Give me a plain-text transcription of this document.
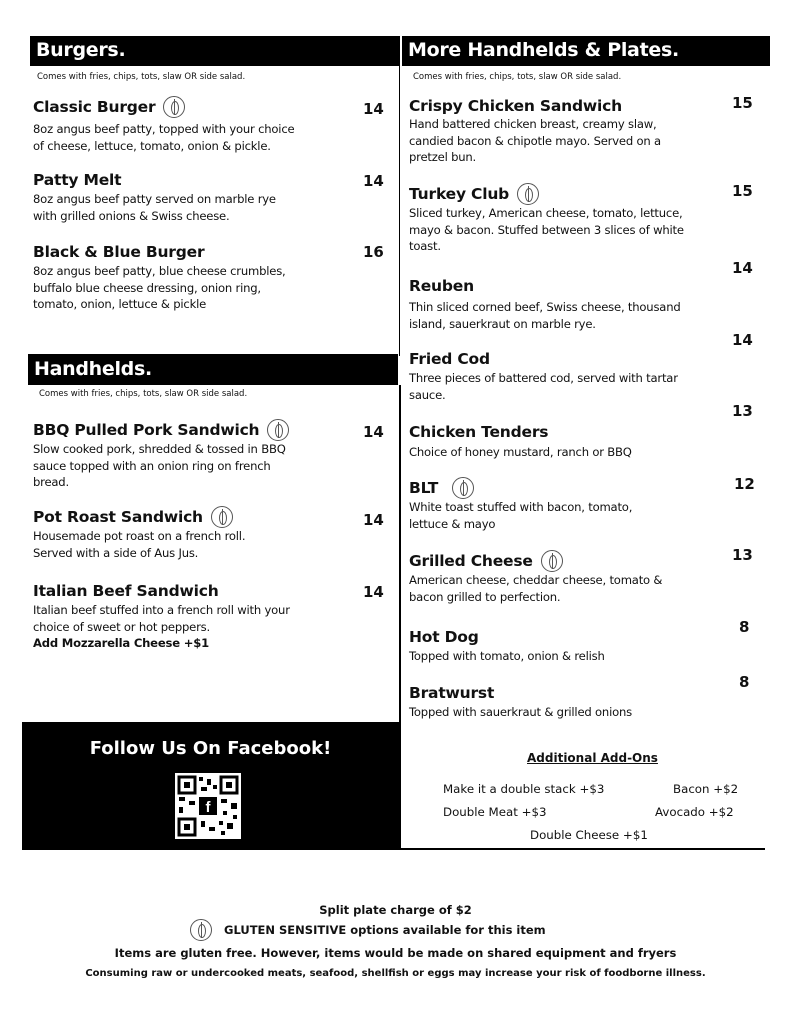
Burgers.
Comes with fries, chips, tots, slaw OR side salad.
More Handhelds & Plates.
Comes with fries, chips, tots, slaw OR side salad.
Classic Burger
8oz angus beef patty, topped with your choice
of cheese, lettuce, tomato, onion & pickle.
14
Patty Melt
8oz angus beef patty served on marble rye
with grilled onions & Swiss cheese.
14
Black & Blue Burger
8oz angus beef patty, blue cheese crumbles,
buffalo blue cheese dressing, onion ring,
tomato, onion, lettuce & pickle
16
Handhelds.
Comes with fries, chips, tots, slaw OR side salad.
BBQ Pulled Pork Sandwich
Slow cooked pork, shredded & tossed in BBQ
sauce topped with an onion ring on french
bread.
14
Pot Roast Sandwich
Housemade pot roast on a french roll.
Served with a side of Aus Jus.
14
Italian Beef Sandwich
Italian beef stuffed into a french roll with your
choice of sweet or hot peppers.
Add Mozzarella Cheese +$1
14
Crispy Chicken Sandwich
Hand battered chicken breast, creamy slaw,
candied bacon & chipotle mayo. Served on a
pretzel bun.
15
Turkey Club
Sliced turkey, American cheese, tomato, lettuce,
mayo & bacon. Stuffed between 3 slices of white
toast.
15
Reuben
Thin sliced corned beef, Swiss cheese, thousand
island, sauerkraut on marble rye.
14
Fried Cod
Three pieces of battered cod, served with tartar
sauce.
14
Chicken Tenders
Choice of honey mustard, ranch or BBQ
13
BLT
White toast stuffed with bacon, tomato,
lettuce & mayo
12
Grilled Cheese
American cheese, cheddar cheese, tomato &
bacon grilled to perfection.
13
Hot Dog
Topped with tomato, onion & relish
8
Bratwurst
Topped with sauerkraut & grilled onions
8
Follow Us On Facebook!
f
Additional Add-Ons
Make it a double stack +$3	Bacon +$2
Double Meat +$3	Avocado +$2
Double Cheese +$1
Split plate charge of $2
GLUTEN SENSITIVE options available for this item
Items are gluten free. However, items would be made on shared equipment and fryers
Consuming raw or undercooked meats, seafood, shellfish or eggs may increase your risk of foodborne illness.
